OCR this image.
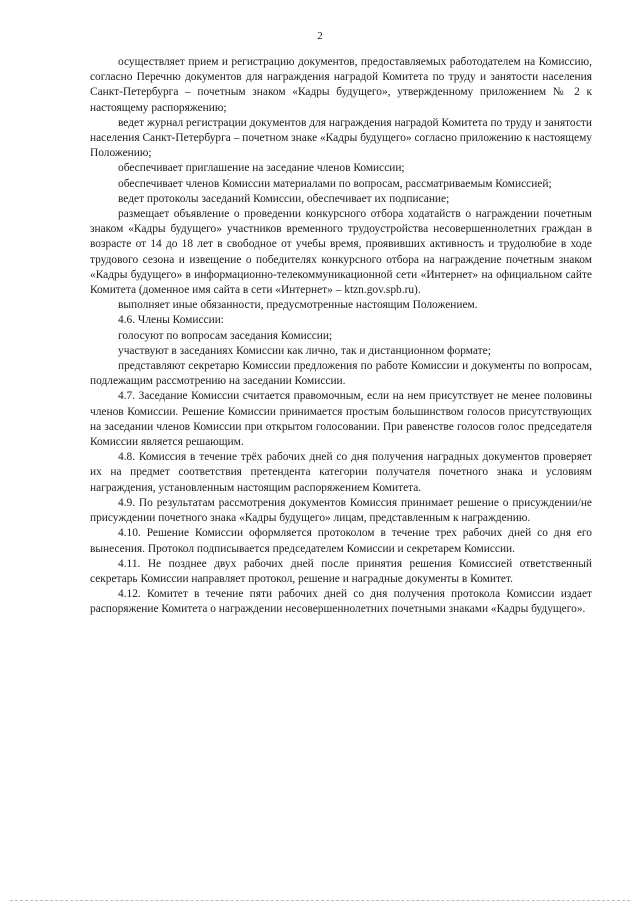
2

осуществляет прием и регистрацию документов, предоставляемых работодателем на Комиссию, согласно Перечню документов для награждения наградой Комитета по труду и занятости населения Санкт-Петербурга – почетным знаком «Кадры будущего», утвержденному приложением № 2 к настоящему распоряжению;

ведет журнал регистрации документов для награждения наградой Комитета по труду и занятости населения Санкт-Петербурга – почетном знаке «Кадры будущего» согласно приложению к настоящему Положению;

обеспечивает приглашение на заседание членов Комиссии;

обеспечивает членов Комиссии материалами по вопросам, рассматриваемым Комиссией;

ведет протоколы заседаний Комиссии, обеспечивает их подписание;

размещает объявление о проведении конкурсного отбора ходатайств о награждении почетным знаком «Кадры будущего» участников временного трудоустройства несовершеннолетних граждан в возрасте от 14 до 18 лет в свободное от учебы время, проявивших активность и трудолюбие в ходе трудового сезона и извещение о победителях конкурсного отбора на награждение почетным знаком «Кадры будущего» в информационно-телекоммуникационной сети «Интернет» на официальном сайте Комитета (доменное имя сайта в сети «Интернет» – ktzn.gov.spb.ru).

выполняет иные обязанности, предусмотренные настоящим Положением.

4.6. Члены Комиссии:

голосуют по вопросам заседания Комиссии;

участвуют в заседаниях Комиссии как лично, так и дистанционном формате;

представляют секретарю Комиссии предложения по работе Комиссии и документы по вопросам, подлежащим рассмотрению на заседании Комиссии.

4.7. Заседание Комиссии считается правомочным, если на нем присутствует не менее половины членов Комиссии. Решение Комиссии принимается простым большинством голосов присутствующих на заседании членов Комиссии при открытом голосовании. При равенстве голосов голос председателя Комиссии является решающим.

4.8. Комиссия в течение трёх рабочих дней со дня получения наградных документов проверяет их на предмет соответствия претендента категории получателя почетного знака и условиям награждения, установленным настоящим распоряжением Комитета.

4.9. По результатам рассмотрения документов Комиссия принимает решение о присуждении/не присуждении почетного знака «Кадры будущего» лицам, представленным к награждению.

4.10. Решение Комиссии оформляется протоколом в течение трех рабочих дней со дня его вынесения. Протокол подписывается председателем Комиссии и секретарем Комиссии.

4.11. Не позднее двух рабочих дней после принятия решения Комиссией ответственный секретарь Комиссии направляет протокол, решение и наградные документы в Комитет.

4.12. Комитет в течение пяти рабочих дней со дня получения протокола Комиссии издает распоряжение Комитета о награждении несовершеннолетних почетными знаками «Кадры будущего».
